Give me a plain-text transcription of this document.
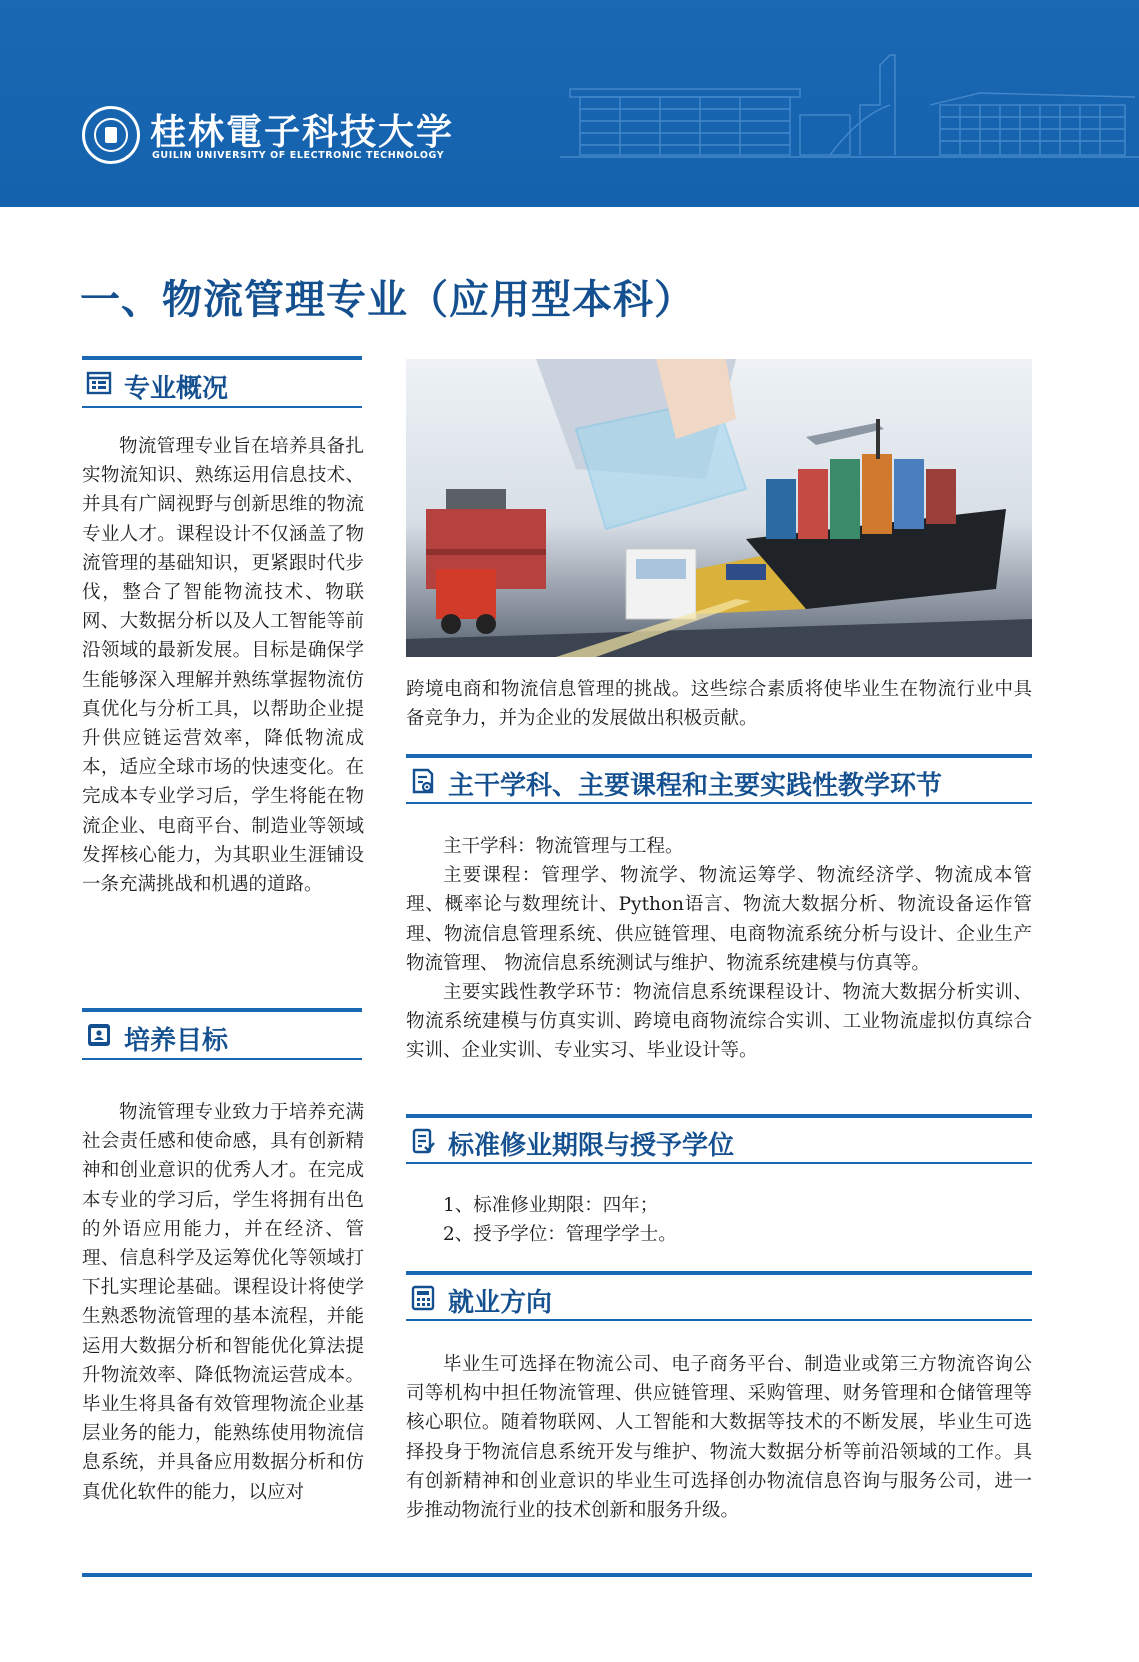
桂林電子科技大学
GUILIN UNIVERSITY OF ELECTRONIC TECHNOLOGY
一、物流管理专业（应用型本科）
专业概况

物流管理专业旨在培养具备扎实物流知识、熟练运用信息技术、并具有广阔视野与创新思维的物流专业人才。课程设计不仅涵盖了物流管理的基础知识，更紧跟时代步伐，整合了智能物流技术、物联网、大数据分析以及人工智能等前沿领域的最新发展。目标是确保学生能够深入理解并熟练掌握物流仿真优化与分析工具，以帮助企业提升供应链运营效率，降低物流成本，适应全球市场的快速变化。在完成本专业学习后，学生将能在物流企业、电商平台、制造业等领域发挥核心能力，为其职业生涯铺设一条充满挑战和机遇的道路。

培养目标

物流管理专业致力于培养充满社会责任感和使命感，具有创新精神和创业意识的优秀人才。在完成本专业的学习后，学生将拥有出色的外语应用能力，并在经济、管理、信息科学及运筹优化等领域打下扎实理论基础。课程设计将使学生熟悉物流管理的基本流程，并能运用大数据分析和智能优化算法提升物流效率、降低物流运营成本。毕业生将具备有效管理物流企业基层业务的能力，能熟练使用物流信息系统，并具备应用数据分析和仿真优化软件的能力，以应对

跨境电商和物流信息管理的挑战。这些综合素质将使毕业生在物流行业中具备竞争力，并为企业的发展做出积极贡献。

主干学科、主要课程和主要实践性教学环节

主干学科：物流管理与工程。

主要课程：管理学、物流学、物流运筹学、物流经济学、物流成本管理、概率论与数理统计、Python语言、物流大数据分析、物流设备运作管理、物流信息管理系统、供应链管理、电商物流系统分析与设计、企业生产物流管理、 物流信息系统测试与维护、物流系统建模与仿真等。

主要实践性教学环节：物流信息系统课程设计、物流大数据分析实训、物流系统建模与仿真实训、跨境电商物流综合实训、工业物流虚拟仿真综合实训、企业实训、专业实习、毕业设计等。

标准修业期限与授予学位

1、标准修业期限：四年；

2、授予学位：管理学学士。

就业方向

毕业生可选择在物流公司、电子商务平台、制造业或第三方物流咨询公司等机构中担任物流管理、供应链管理、采购管理、财务管理和仓储管理等核心职位。随着物联网、人工智能和大数据等技术的不断发展，毕业生可选择投身于物流信息系统开发与维护、物流大数据分析等前沿领域的工作。具有创新精神和创业意识的毕业生可选择创办物流信息咨询与服务公司，进一步推动物流行业的技术创新和服务升级。
